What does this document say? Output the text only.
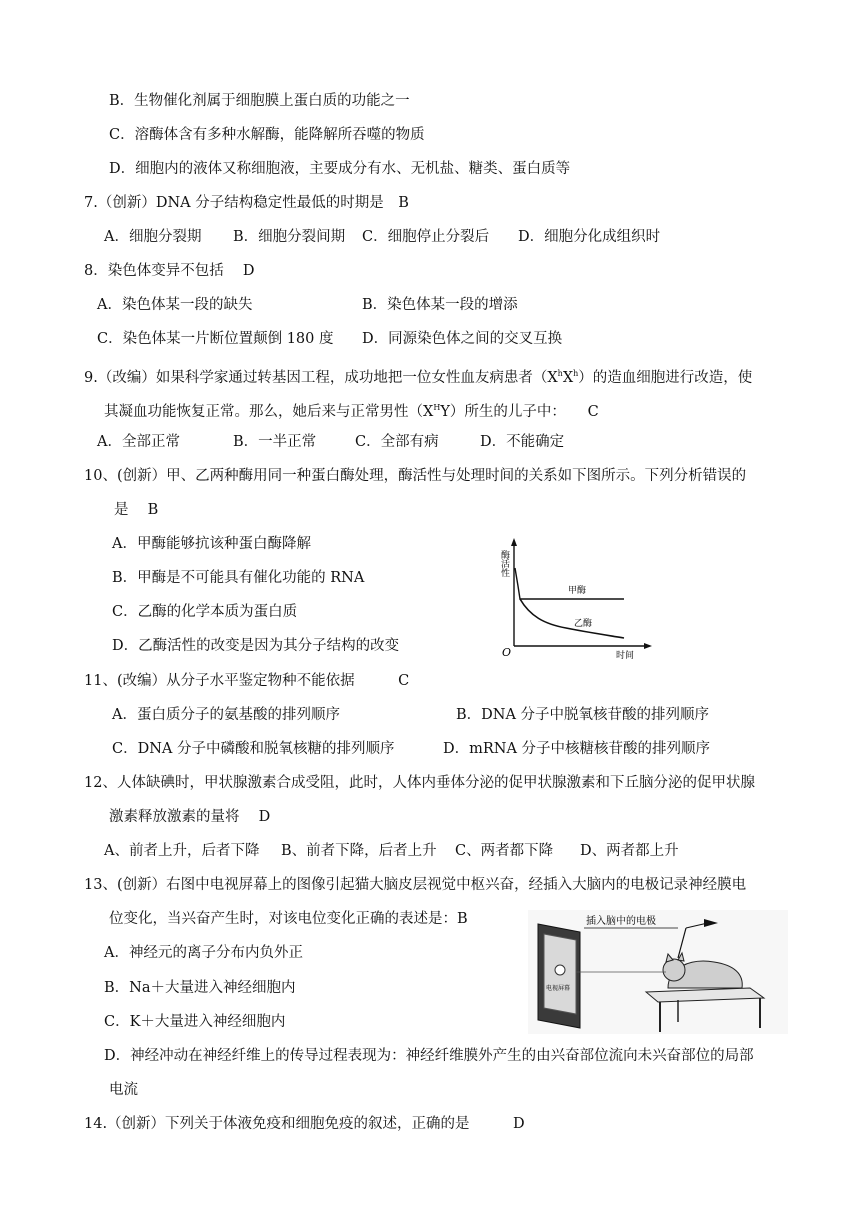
B．生物催化剂属于细胞膜上蛋白质的功能之一
C．溶酶体含有多种水解酶，能降解所吞噬的物质
D．细胞内的液体又称细胞液，主要成分有水、无机盐、糖类、蛋白质等
7.（创新）DNA 分子结构稳定性最低的时期是　B
A．细胞分裂期 B．细胞分裂间期 C．细胞停止分裂后 D．细胞分化成组织时
8．染色体变异不包括　 D
A．染色体某一段的缺失	B．染色体某一段的增添
C．染色体某一片断位置颠倒 180 度 D．同源染色体之间的交叉互换
9.（改编）如果科学家通过转基因工程，成功地把一位女性血友病患者$(X^hX^h)$的造血细胞进行改造，使
其凝血功能恢复正常。那么，她后来与正常男性$(X^HY)$所生的儿子中：　　C
A．全部正常	B．一半正常	C．全部有病	D．不能确定
10、(创新）甲、乙两种酶用同一种蛋白酶处理，酶活性与处理时间的关系如下图所示。下列分析错误的
是　 B
A．甲酶能够抗该种蛋白酶降解
B．甲酶是不可能具有催化功能的 RNA
C．乙酶的化学本质为蛋白质
D．乙酶活性的改变是因为其分子结构的改变
酶活性
O	时间
甲酶
乙酶
11、(改编）从分子水平鉴定物种不能依据　　　C
A．蛋白质分子的氨基酸的排列顺序	B．DNA 分子中脱氧核苷酸的排列顺序
C．DNA 分子中磷酸和脱氧核糖的排列顺序	D．mRNA 分子中核糖核苷酸的排列顺序
12、人体缺碘时，甲状腺激素合成受阻，此时，人体内垂体分泌的促甲状腺激素和下丘脑分泌的促甲状腺
激素释放激素的量将　 D
A、前者上升，后者下降 B、前者下降，后者上升 C、两者都下降 D、两者都上升
13、(创新）右图中电视屏幕上的图像引起猫大脑皮层视觉中枢兴奋，经插入大脑内的电极记录神经膜电
位变化，当兴奋产生时，对该电位变化正确的表述是：B
A．神经元的离子分布内负外正
B．Na＋大量进入神经细胞内
C．K＋大量进入神经细胞内
D．神经冲动在神经纤维上的传导过程表现为：神经纤维膜外产生的由兴奋部位流向未兴奋部位的局部
电流
电视屏幕
插入脑中的电极
14.（创新）下列关于体液免疫和细胞免疫的叙述，正确的是　　　D
